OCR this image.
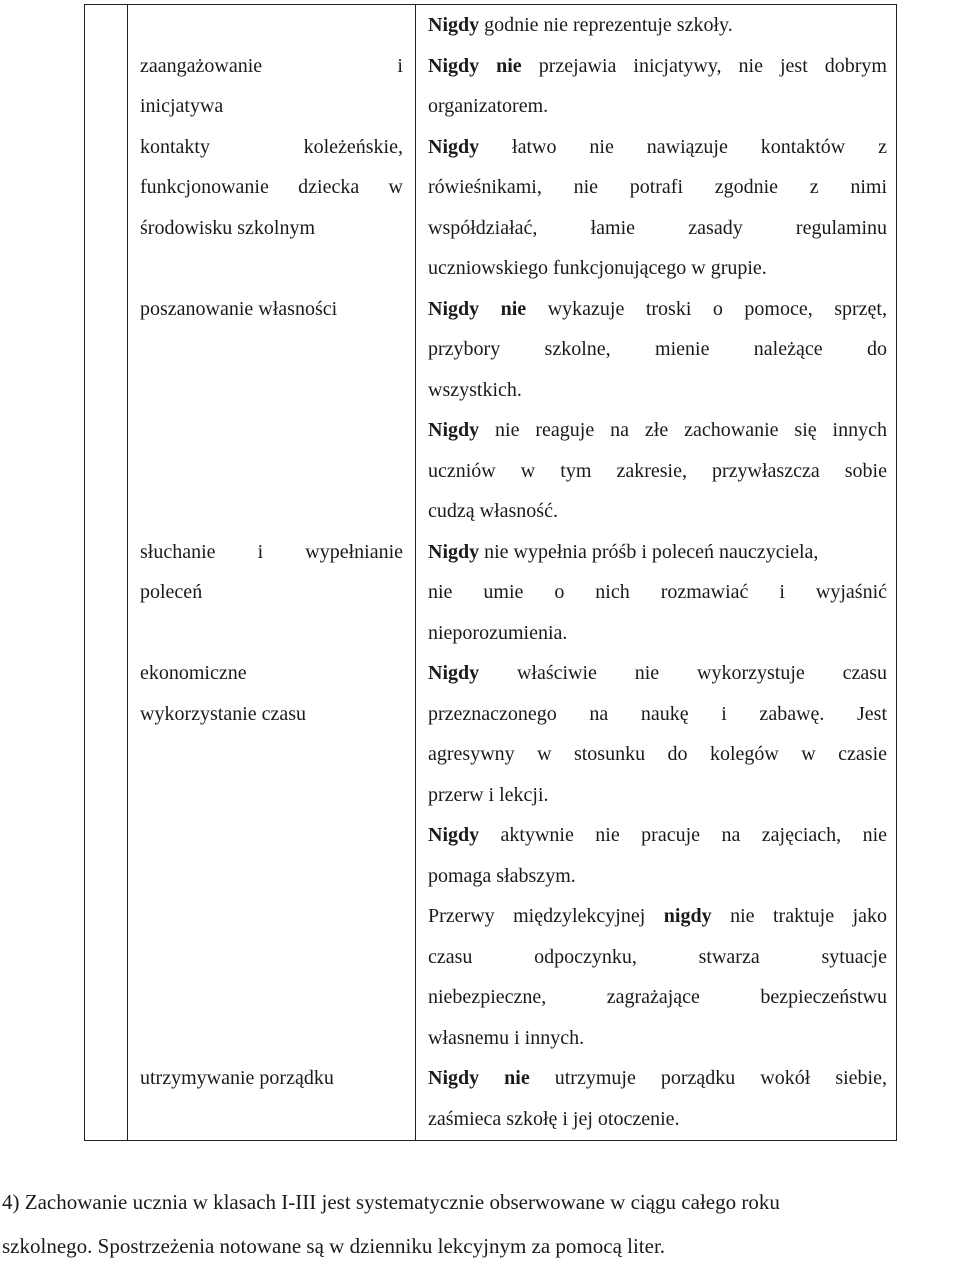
Nigdy godnie nie reprezentuje szkoły.
zaangażowanie i
inicjatywa
Nigdy nie przejawia inicjatywy, nie jest dobrym
organizatorem.
kontakty koleżeńskie,
funkcjonowanie dziecka w
środowisku szkolnym
Nigdy łatwo nie nawiązuje kontaktów z
rówieśnikami, nie potrafi zgodnie z nimi
współdziałać, łamie zasady regulaminu
uczniowskiego funkcjonującego w grupie.
poszanowanie własności	Nigdy nie wykazuje troski o pomoce, sprzęt,
przybory szkolne, mienie należące do
wszystkich.
Nigdy nie reaguje na złe zachowanie się innych
uczniów w tym zakresie, przywłaszcza sobie
cudzą własność.
słuchanie i wypełnianie
poleceń
Nigdy nie wypełnia próśb i poleceń nauczyciela,
nie umie o nich rozmawiać i wyjaśnić
nieporozumienia.
ekonomiczne
wykorzystanie czasu
Nigdy właściwie nie wykorzystuje czasu
przeznaczonego na naukę i zabawę. Jest
agresywny w stosunku do kolegów w czasie
przerw i lekcji.
Nigdy aktywnie nie pracuje na zajęciach, nie
pomaga słabszym.
Przerwy międzylekcyjnej nigdy nie traktuje jako
czasu odpoczynku, stwarza sytuacje
niebezpieczne, zagrażające bezpieczeństwu
własnemu i innych.
utrzymywanie porządku	Nigdy nie utrzymuje porządku wokół siebie,
zaśmieca szkołę i jej otoczenie.
4) Zachowanie ucznia w klasach I-III jest systematycznie obserwowane w ciągu całego roku
szkolnego. Spostrzeżenia notowane są w dzienniku lekcyjnym za pomocą liter.
